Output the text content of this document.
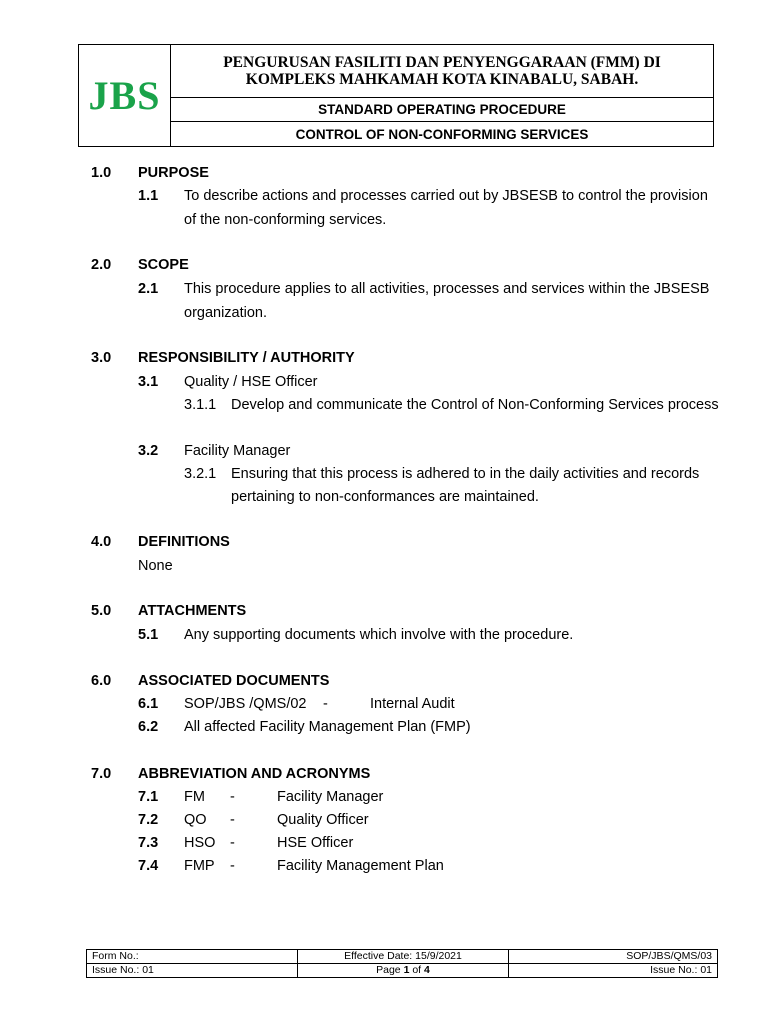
JBS
PENGURUSAN FASILITI DAN PENYENGGARAAN (FMM) DI
KOMPLEKS MAHKAMAH KOTA KINABALU, SABAH.
STANDARD OPERATING PROCEDURE
CONTROL OF NON-CONFORMING SERVICES
1.0 PURPOSE
1.1 To describe actions and processes carried out by JBSESB to control the provision
of the non-conforming services.
2.0 SCOPE
2.1 This procedure applies to all activities, processes and services within the JBSESB
organization.
3.0 RESPONSIBILITY / AUTHORITY
3.1 Quality / HSE Officer
3.1.1 Develop and communicate the Control of Non-Conforming Services process
3.2 Facility Manager
3.2.1 Ensuring that this process is adhered to in the daily activities and records
pertaining to non-conformances are maintained.
4.0 DEFINITIONS
None
5.0 ATTACHMENTS
5.1 Any supporting documents which involve with the procedure.
6.0 ASSOCIATED DOCUMENTS
6.1 SOP/JBS /QMS/02 -	Internal Audit
6.2 All affected Facility Management Plan (FMP)
7.0 ABBREVIATION AND ACRONYMS
7.1 FM -	Facility Manager
7.2 QO -	Quality Officer
7.3 HSO -	HSE Officer
7.4 FMP -	Facility Management Plan
Form No.:	Effective Date: 15/9/2021	SOP/JBS/QMS/03
Issue No.: 01	Page 1 of 4	Issue No.: 01
